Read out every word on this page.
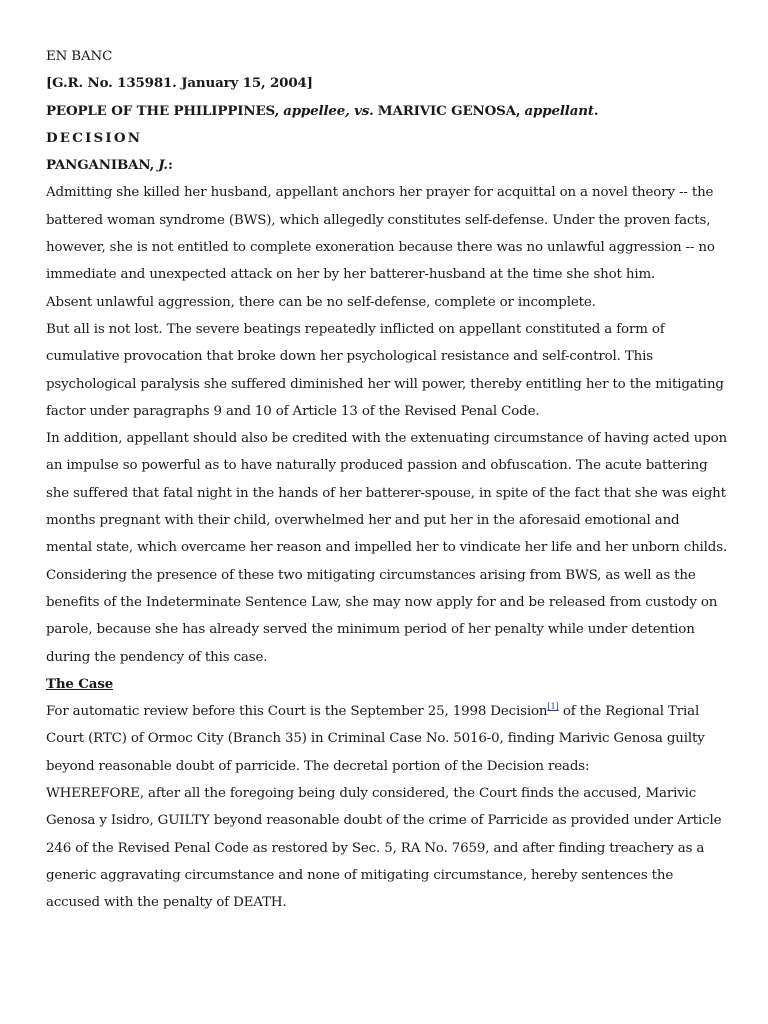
EN BANC

[G.R. No. 135981. January 15, 2004]

PEOPLE OF THE PHILIPPINES, appellee, vs. MARIVIC GENOSA, appellant.

DECISION

PANGANIBAN, J.:

Admitting she killed her husband, appellant anchors her prayer for acquittal on a novel theory -- the battered woman syndrome (BWS), which allegedly constitutes self-defense. Under the proven facts, however, she is not entitled to complete exoneration because there was no unlawful aggression -- no immediate and unexpected attack on her by her batterer-husband at the time she shot him.

Absent unlawful aggression, there can be no self-defense, complete or incomplete.

But all is not lost. The severe beatings repeatedly inflicted on appellant constituted a form of cumulative provocation that broke down her psychological resistance and self-control. This psychological paralysis she suffered diminished her will power, thereby entitling her to the mitigating factor under paragraphs 9 and 10 of Article 13 of the Revised Penal Code.

In addition, appellant should also be credited with the extenuating circumstance of having acted upon an impulse so powerful as to have naturally produced passion and obfuscation. The acute battering she suffered that fatal night in the hands of her batterer-spouse, in spite of the fact that she was eight months pregnant with their child, overwhelmed her and put her in the aforesaid emotional and mental state, which overcame her reason and impelled her to vindicate her life and her unborn childs.

Considering the presence of these two mitigating circumstances arising from BWS, as well as the benefits of the Indeterminate Sentence Law, she may now apply for and be released from custody on parole, because she has already served the minimum period of her penalty while under detention during the pendency of this case.

The Case

For automatic review before this Court is the September 25, 1998 Decision[1] of the Regional Trial Court (RTC) of Ormoc City (Branch 35) in Criminal Case No. 5016-0, finding Marivic Genosa guilty beyond reasonable doubt of parricide. The decretal portion of the Decision reads:

WHEREFORE, after all the foregoing being duly considered, the Court finds the accused, Marivic Genosa y Isidro, GUILTY beyond reasonable doubt of the crime of Parricide as provided under Article 246 of the Revised Penal Code as restored by Sec. 5, RA No. 7659, and after finding treachery as a generic aggravating circumstance and none of mitigating circumstance, hereby sentences the accused with the penalty of DEATH.
